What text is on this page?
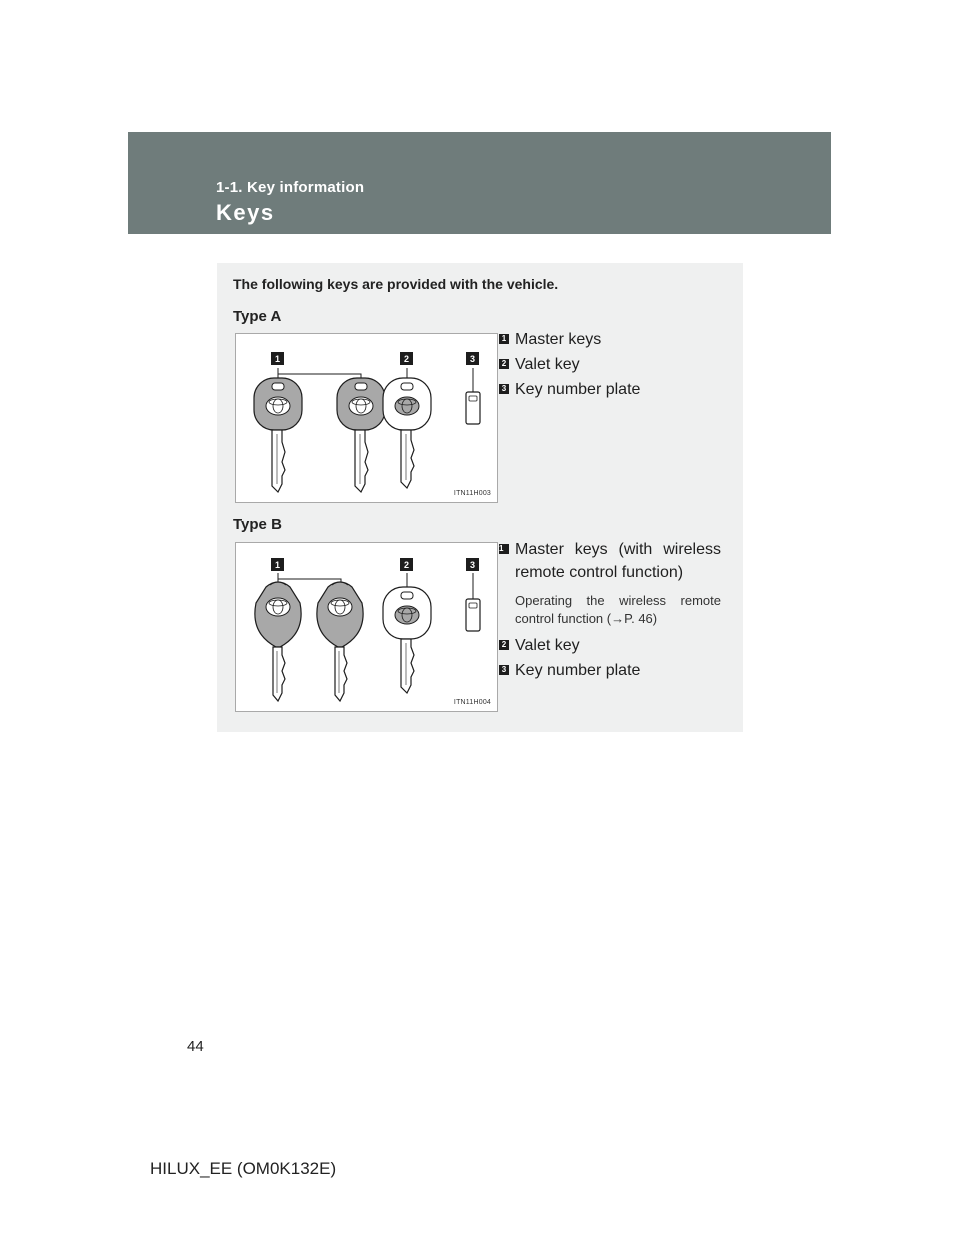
1-1. Key information
Keys
The following keys are provided with the vehicle.
Type A
1	2	3
ITN11H003
1 Master keys
2 Valet key
3 Key number plate
Type B
1	2	3
ITN11H004
1 Master keys (with wireless remote control function)
Operating the wireless remote control function (→P. 46)
2 Valet key
3 Key number plate
44
HILUX_EE (OM0K132E)
